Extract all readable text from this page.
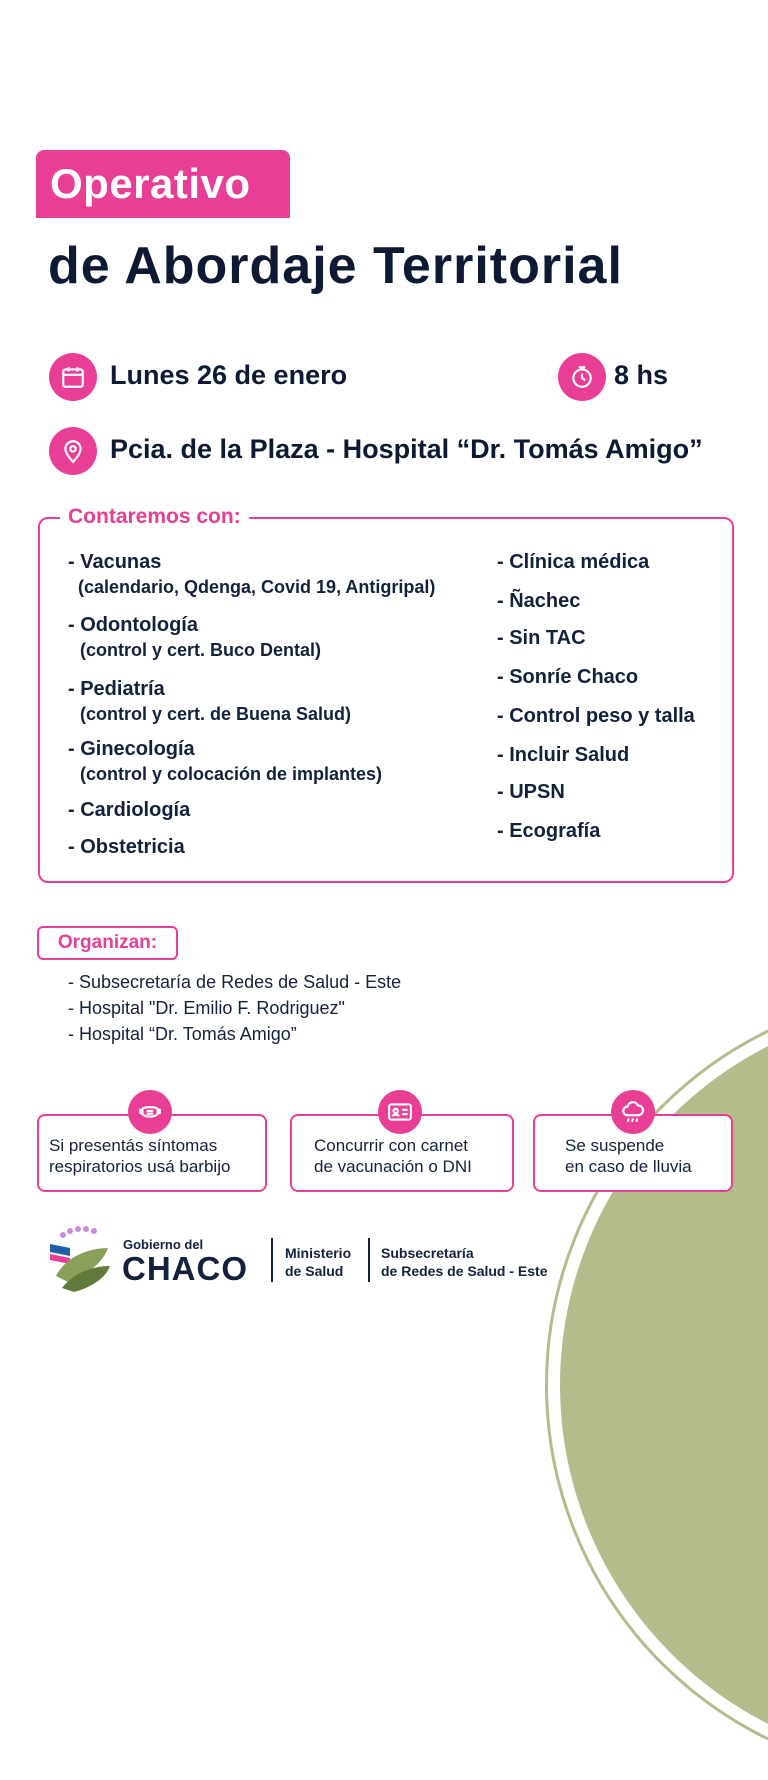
Operativo
de Abordaje Territorial
Lunes 26 de enero	8 hs
Pcia. de la Plaza - Hospital “Dr. Tomás Amigo”
Contaremos con:
- Vacunas
(calendario, Qdenga, Covid 19, Antigripal)
- Odontología
(control y cert. Buco Dental)
- Pediatría
(control y cert. de Buena Salud)
- Ginecología
(control y colocación de implantes)
- Cardiología
- Obstetricia
- Clínica médica
- Ñachec
- Sin TAC
- Sonríe Chaco
- Control peso y talla
- Incluir Salud
- UPSN
- Ecografía
Organizan:
- Subsecretaría de Redes de Salud - Este
- Hospital "Dr. Emilio F. Rodriguez"
- Hospital “Dr. Tomás Amigo”
Si presentás síntomas
respiratorios usá barbijo
Concurrir con carnet
de vacunación o DNI
Se suspende
en caso de lluvia
Gobierno del
CHACO	Ministerio
de Salud
Subsecretaría
de Redes de Salud - Este
